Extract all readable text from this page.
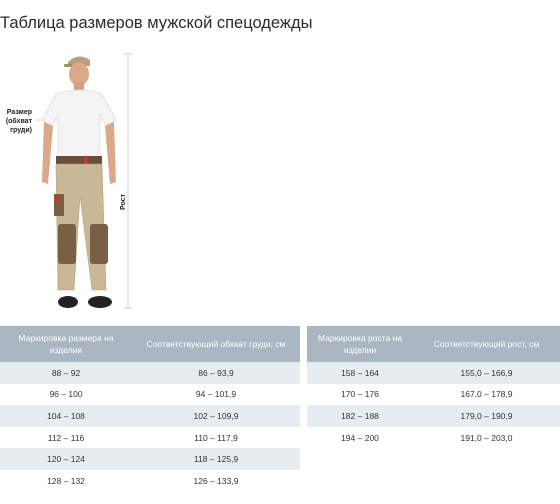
Таблица размеров мужской спецодежды
Размер (обхват груди)
Рост
Маркировка размера на изделии	Соответствующий обхват груди, см
88 – 92	86 – 93,9
96 – 100	94 – 101,9
104 – 108	102 – 109,9
112 – 116	110 – 117,9
120 – 124	118 – 125,9
128 – 132	126 – 133,9
Маркировка роста на изделии	Соответствующий рост, см
158 – 164	155,0 – 166,9
170 – 176	167,0 – 178,9
182 – 188	179,0 – 190,9
194 – 200	191,0 – 203,0
